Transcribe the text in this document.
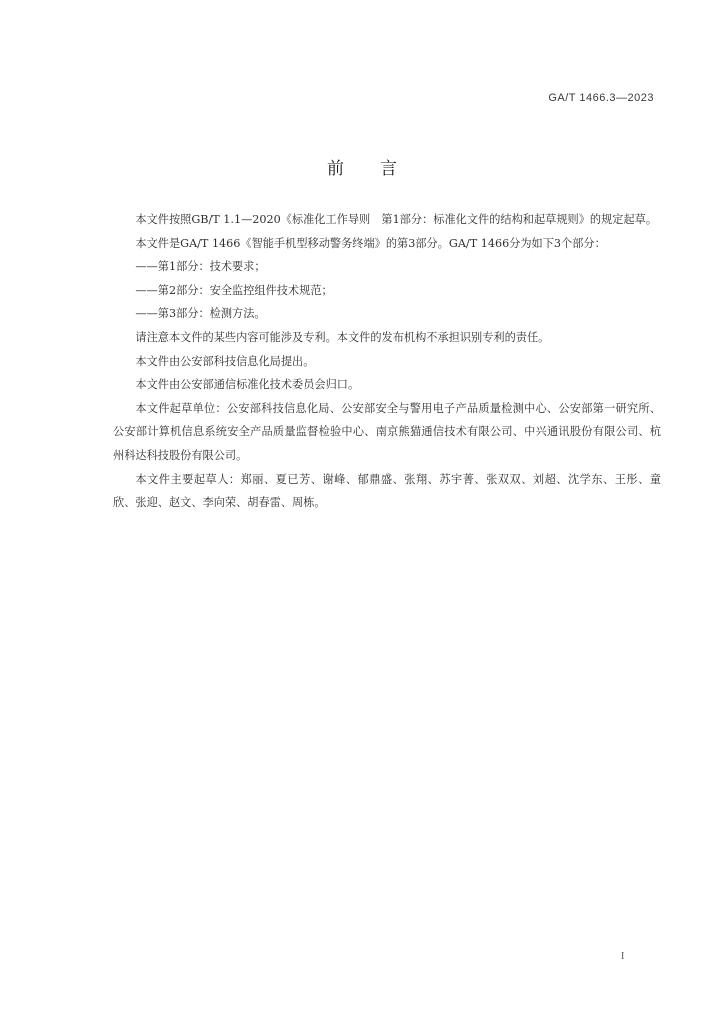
GA/T 1466.3—2023
前 言

本文件按照GB/T 1.1—2020《标准化工作导则　第1部分：标准化文件的结构和起草规则》的规定起草。

本文件是GA/T 1466《智能手机型移动警务终端》的第3部分。GA/T 1466分为如下3个部分：

——第1部分：技术要求；

——第2部分：安全监控组件技术规范；

——第3部分：检测方法。

请注意本文件的某些内容可能涉及专利。本文件的发布机构不承担识别专利的责任。

本文件由公安部科技信息化局提出。

本文件由公安部通信标准化技术委员会归口。

本文件起草单位：公安部科技信息化局、公安部安全与警用电子产品质量检测中心、公安部第一研究所、公安部计算机信息系统安全产品质量监督检验中心、南京熊猫通信技术有限公司、中兴通讯股份有限公司、杭州科达科技股份有限公司。

本文件主要起草人：郑丽、夏已芳、谢峰、郁鼎盛、张翔、苏宇菁、张双双、刘超、沈学东、王彤、童欣、张迎、赵文、李向荣、胡春雷、周栋。

I
